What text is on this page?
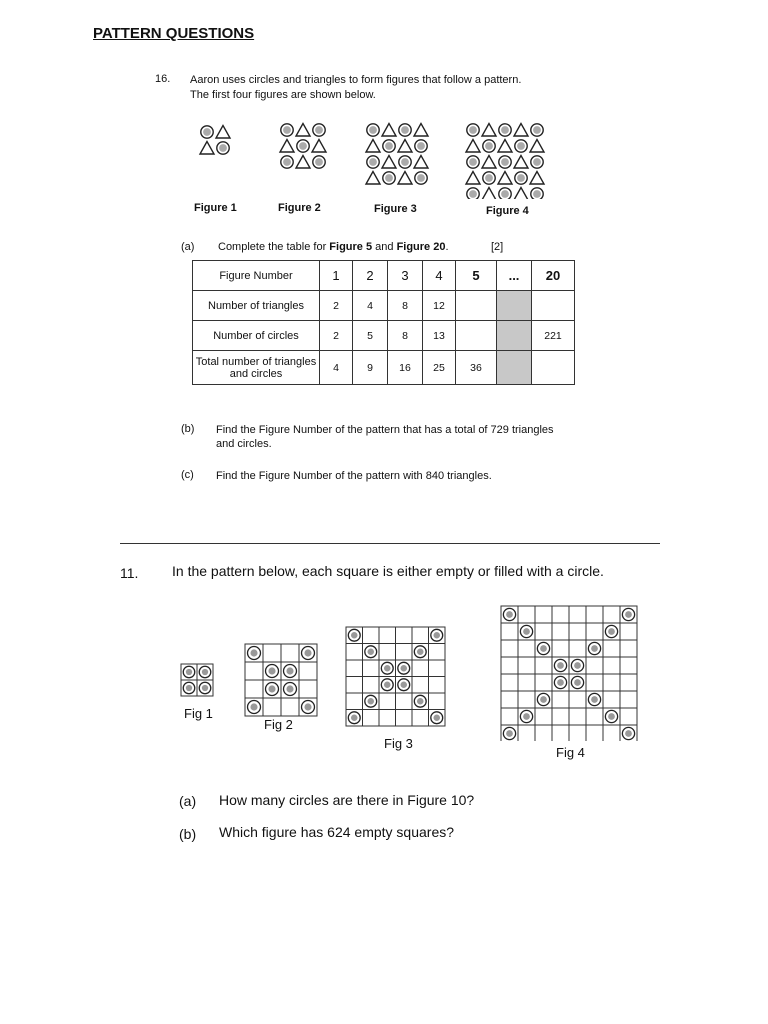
PATTERN QUESTIONS
16. Aaron uses circles and triangles to form figures that follow a pattern.
The first four figures are shown below.
Figure 1	Figure 2	Figure 3	Figure 4
(a) Complete the table for Figure 5 and Figure 20.	[2]
Figure Number	1	2	3	4	5	...	20
Number of triangles	2	4	8	12			
Number of circles	2	5	8	13			221
Total number of triangles and circles	4	9	16	25	36		
(b) Find the Figure Number of the pattern that has a total of 729 triangles
and circles.
(c) Find the Figure Number of the pattern with 840 triangles.
11. In the pattern below, each square is either empty or filled with a circle.
Fig 1
Fig 2
Fig 3
Fig 4
(a) How many circles are there in Figure 10?
(b) Which figure has 624 empty squares?
